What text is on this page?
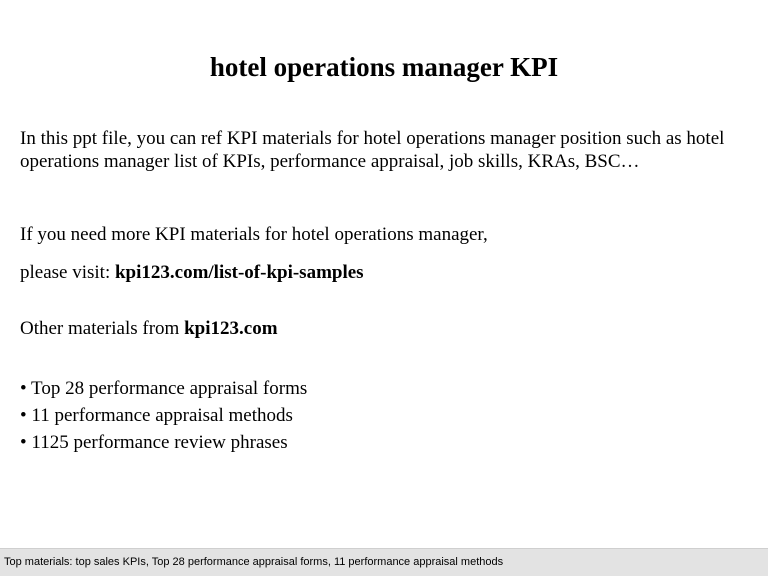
hotel operations manager KPI
In this ppt file, you can ref KPI materials for hotel operations manager position such as hotel operations manager list of KPIs, performance appraisal, job skills, KRAs, BSC…
If you need more KPI materials for hotel operations manager,
please visit: kpi123.com/list-of-kpi-samples
Other materials from kpi123.com
• Top 28 performance appraisal forms
• 11 performance appraisal methods
• 1125 performance review phrases
Top materials: top sales KPIs, Top 28 performance appraisal forms, 11 performance appraisal methods
